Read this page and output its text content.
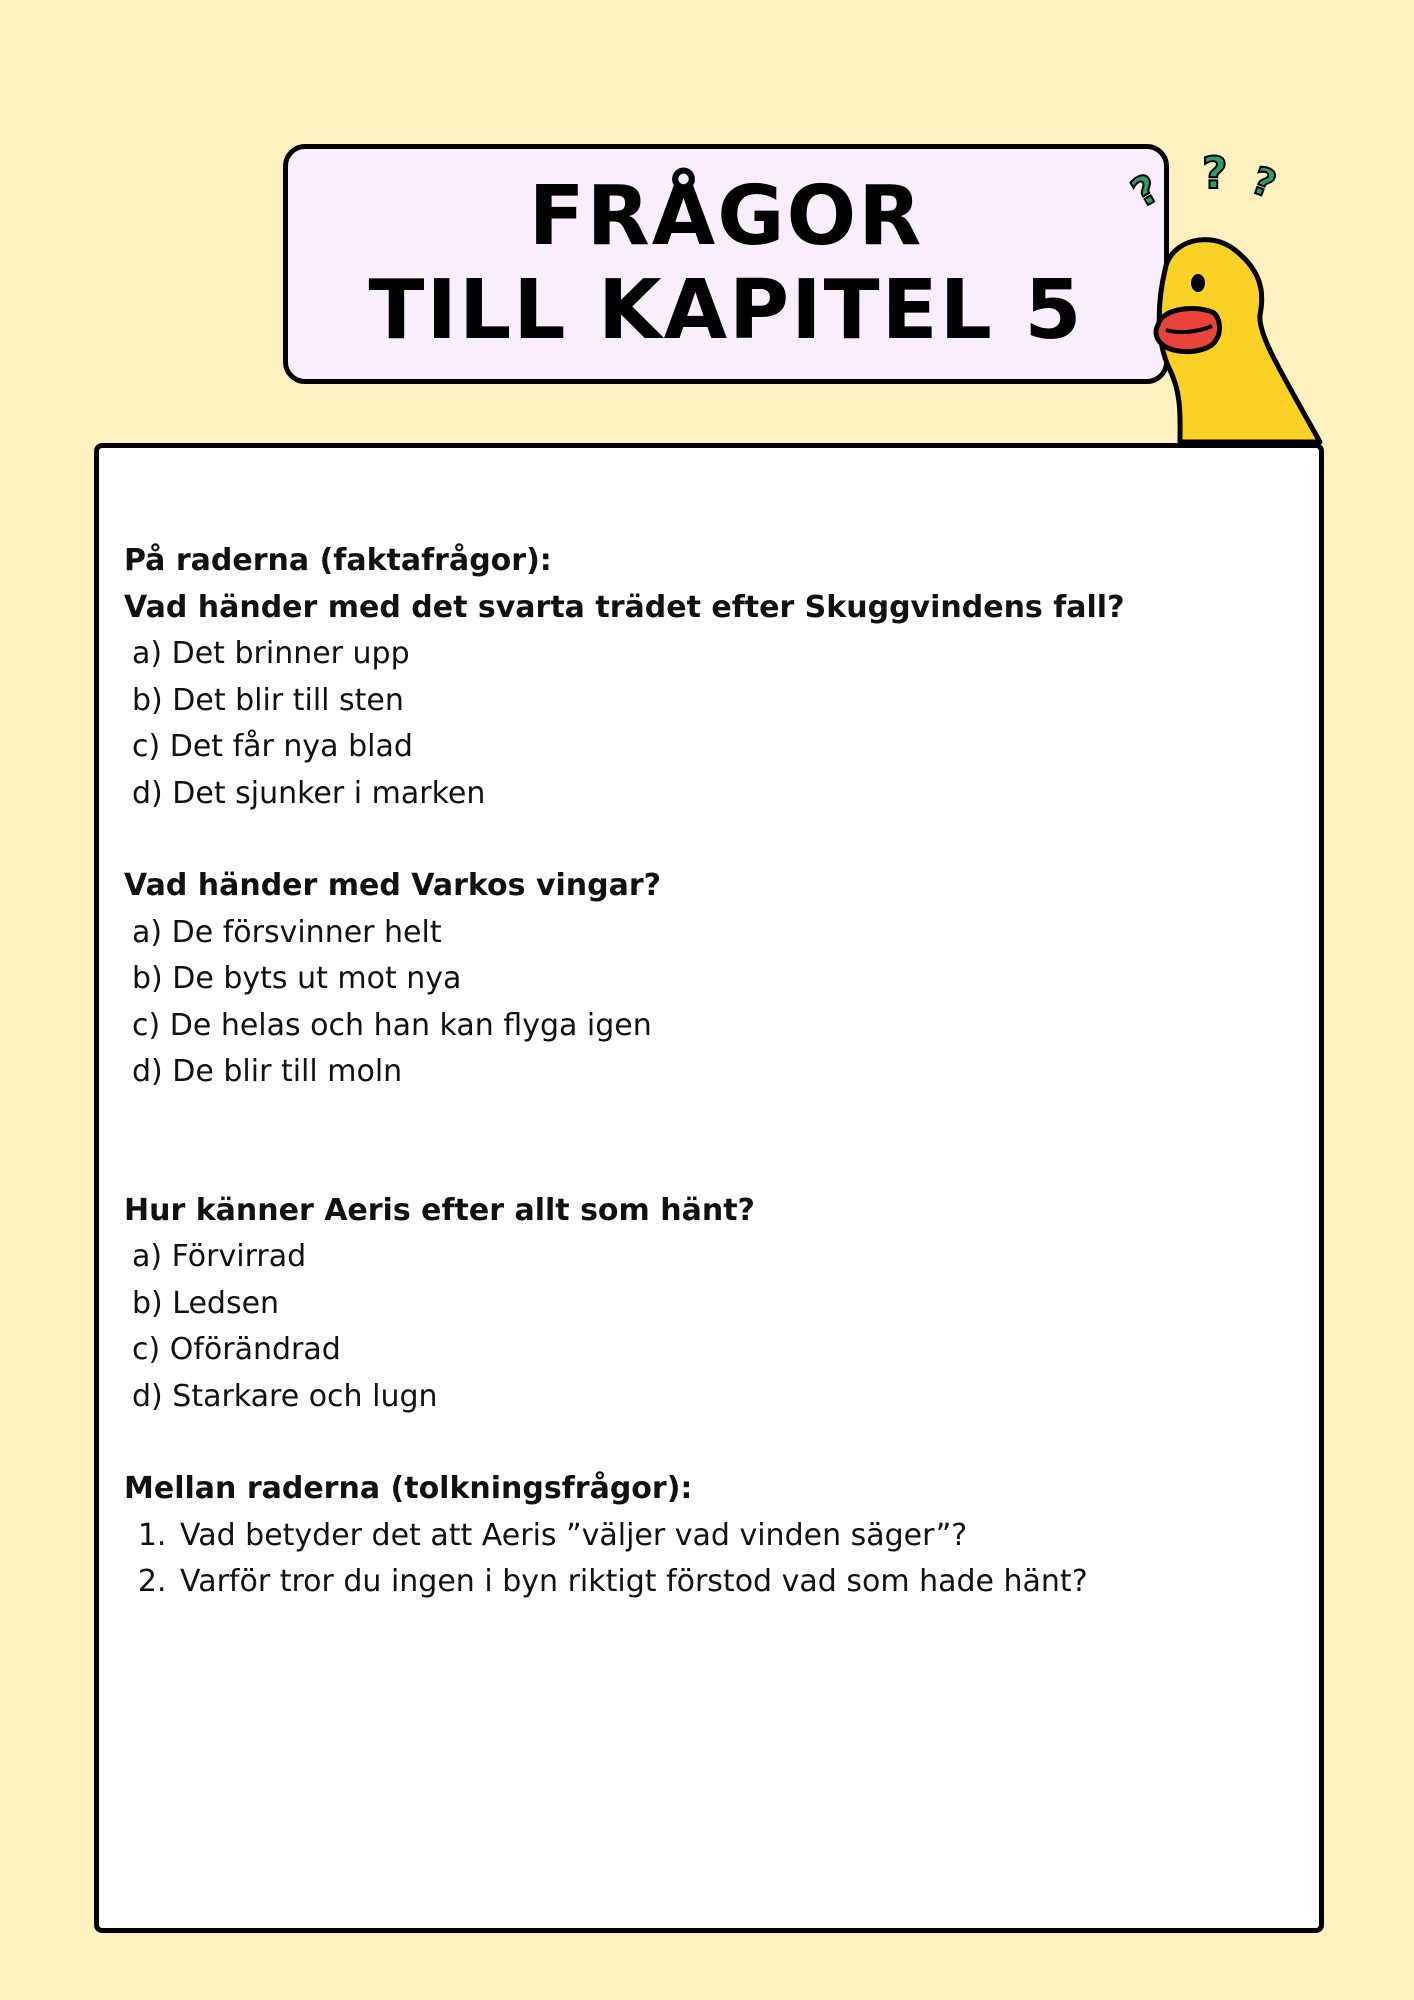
FRÅGOR
TILL KAPITEL 5
? ? ?
På raderna (faktafrågor):
Vad händer med det svarta trädet efter Skuggvindens fall?
a) Det brinner upp
b) Det blir till sten
c) Det får nya blad
d) Det sjunker i marken
Vad händer med Varkos vingar?
a) De försvinner helt
b) De byts ut mot nya
c) De helas och han kan flyga igen
d) De blir till moln
Hur känner Aeris efter allt som hänt?
a) Förvirrad
b) Ledsen
c) Oförändrad
d) Starkare och lugn
Mellan raderna (tolkningsfrågor):
1. Vad betyder det att Aeris ”väljer vad vinden säger”?
2. Varför tror du ingen i byn riktigt förstod vad som hade hänt?
